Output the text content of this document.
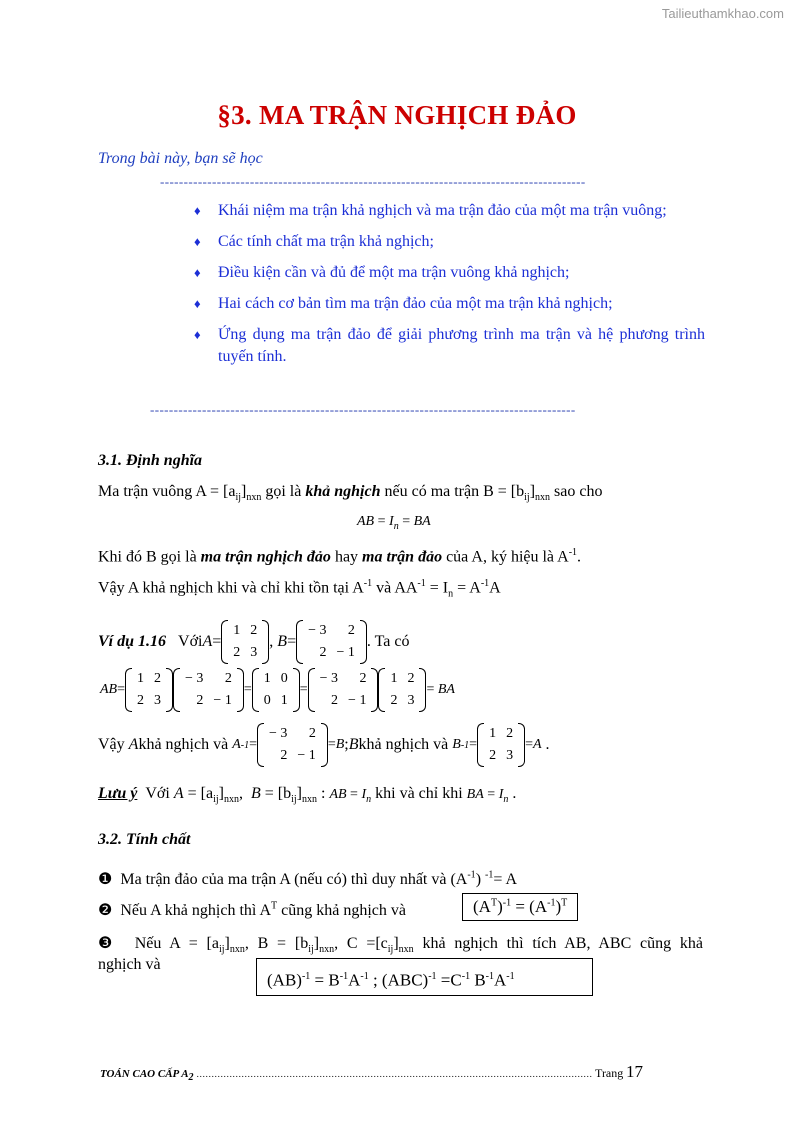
Tailieuthamkhao.com
§3. MA TRẬN NGHỊCH ĐẢO
Trong bài này, bạn sẽ học
------------------------------------------------------------------------------------------
♦ Khái niệm ma trận khả nghịch và ma trận đảo của một ma trận vuông;
♦ Các tính chất ma trận khả nghịch;
♦ Điều kiện cần và đủ để một ma trận vuông khả nghịch;
♦ Hai cách cơ bản tìm ma trận đảo của một ma trận khả nghịch;
♦ Ứng dụng ma trận đảo để giải phương trình ma trận và hệ phương trình tuyến tính.
------------------------------------------------------------------------------------------
3.1. Định nghĩa
Ma trận vuông $A = [a_{ij}]_{nxn}$ gọi là khả nghịch nếu có ma trận $B = [b_{ij}]_{nxn}$ sao cho
AB = $I_n$ = BA
Khi đó B gọi là ma trận nghịch đảo hay ma trận đảo của A, ký hiệu là $A^{-1}$.
Vậy A khả nghịch khi và chỉ khi tồn tại $A^{-1}$ và $AA^{-1} = I_n = A^{-1}A$
Ví dụ 1.16
Với A =
1	2
2	3
,
B =
− 3	2
2	− 1
. Ta có
AB =
1	2
2	3
− 3	2
2	− 1
=
1	0
0	1
=
− 3	2
2	− 1
1	2
2	3
=
BA
Vậy
A khả nghịch và
A -1 =
− 3	2
2	− 1
= B ; B khả nghịch và
B -1 =
1	2
2	3
= A
.
Lưu ý Với $A = [a_{ij}]_{nxn}$,  $B = [b_{ij}]_{nxn}$ : AB = $I_n$ khi và chỉ khi BA = $I_n$ .
3.2. Tính chất
❶ Ma trận đảo của ma trận A (nếu có) thì duy nhất và $(A^{-1})$ $^{-1}$= A
❷ Nếu A khả nghịch thì $A^T$ cũng khả nghịch và	$(A^T)^{-1} = (A^{-1})^T$
❸ Nếu $A = [a_{ij}]_{nxn}$, $B = [b_{ij}]_{nxn}$, $C =[c_{ij}]_{nxn}$ khả nghịch thì tích AB, ABC cũng khả
nghịch và
$(AB)^{-1} = B^{-1}A^{-1}$ ; $(ABC)^{-1} =C^{-1}$ $B^{-1}A^{-1}$
TOÁN CAO CẤP $A_2$ …………………………………………………………………………………………………………………… Trang 17
